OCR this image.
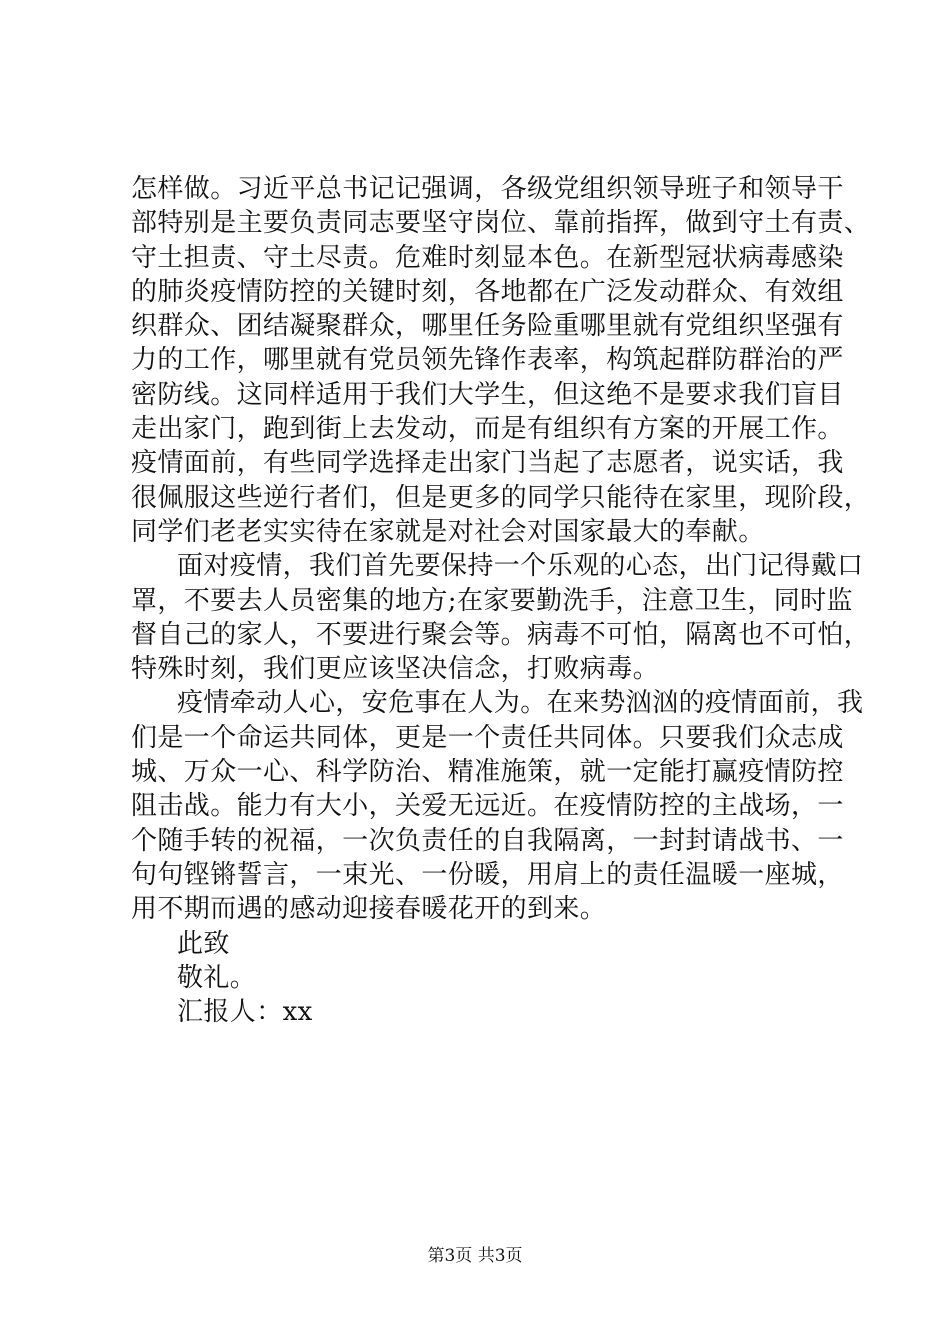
怎样做。习近平总书记记强调，各级党组织领导班子和领导干
部特别是主要负责同志要坚守岗位、靠前指挥，做到守土有责、
守土担责、守土尽责。危难时刻显本色。在新型冠状病毒感染
的肺炎疫情防控的关键时刻，各地都在广泛发动群众、有效组
织群众、团结凝聚群众，哪里任务险重哪里就有党组织坚强有
力的工作，哪里就有党员领先锋作表率，构筑起群防群治的严
密防线。这同样适用于我们大学生，但这绝不是要求我们盲目
走出家门，跑到街上去发动，而是有组织有方案的开展工作。
疫情面前，有些同学选择走出家门当起了志愿者，说实话，我
很佩服这些逆行者们，但是更多的同学只能待在家里，现阶段，
同学们老老实实待在家就是对社会对国家最大的奉献。
面对疫情，我们首先要保持一个乐观的心态，出门记得戴口
罩，不要去人员密集的地方;在家要勤洗手，注意卫生，同时监
督自己的家人，不要进行聚会等。病毒不可怕，隔离也不可怕，
特殊时刻，我们更应该坚决信念，打败病毒。
疫情牵动人心，安危事在人为。在来势汹汹的疫情面前，我
们是一个命运共同体，更是一个责任共同体。只要我们众志成
城、万众一心、科学防治、精准施策，就一定能打赢疫情防控
阻击战。能力有大小，关爱无远近。在疫情防控的主战场，一
个随手转的祝福，一次负责任的自我隔离，一封封请战书、一
句句铿锵誓言，一束光、一份暖，用肩上的责任温暖一座城，
用不期而遇的感动迎接春暖花开的到来。
此致
敬礼。
汇报人：xx
第3页 共3页
